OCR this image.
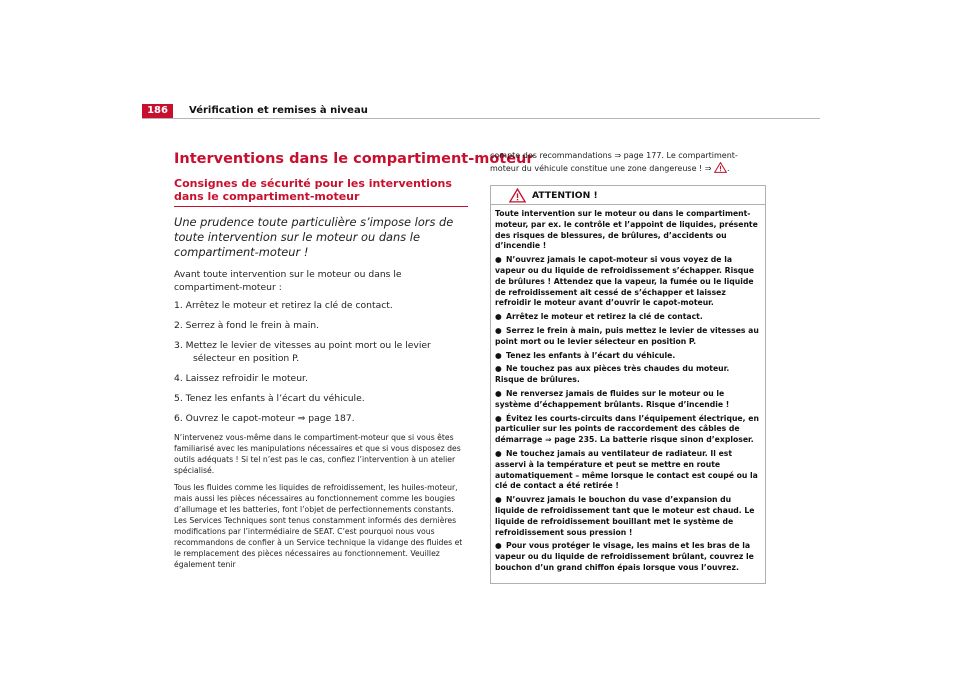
186	Vérification et remises à niveau
Interventions dans le compartiment-moteur
Consignes de sécurité pour les interventions dans le compartiment-moteur

Une prudence toute particulière s’impose lors de toute intervention sur le moteur ou dans le compartiment-moteur !

Avant toute intervention sur le moteur ou dans le compartiment-moteur :

1. Arrêtez le moteur et retirez la clé de contact.
2. Serrez à fond le frein à main.
3. Mettez le levier de vitesses au point mort ou le levier sélecteur en position P.
4. Laissez refroidir le moteur.
5. Tenez les enfants à l’écart du véhicule.
6. Ouvrez le capot-moteur ⇒ page 187.

N’intervenez vous-même dans le compartiment-moteur que si vous êtes familiarisé avec les manipulations nécessaires et que si vous disposez des outils adéquats ! Si tel n’est pas le cas, confiez l’intervention à un atelier spécialisé.

Tous les fluides comme les liquides de refroidissement, les huiles-moteur, mais aussi les pièces nécessaires au fonctionnement comme les bougies d’allumage et les batteries, font l’objet de perfectionnements constants. Les Services Techniques sont tenus constamment informés des dernières modifications par l’intermédiaire de SEAT. C’est pourquoi nous vous recommandons de confier à un Service technique la vidange des fluides et le remplacement des pièces nécessaires au fonctionnement. Veuillez également tenir

compte des recommandations ⇒ page 177. Le compartiment-moteur du véhicule constitue une zone dangereuse ! ⇒ .

ATTENTION !

Toute intervention sur le moteur ou dans le compartiment-moteur, par ex. le contrôle et l’appoint de liquides, présente des risques de blessures, de brûlures, d’accidents ou d’incendie !

● N’ouvrez jamais le capot-moteur si vous voyez de la vapeur ou du liquide de refroidissement s’échapper. Risque de brûlures ! Attendez que la vapeur, la fumée ou le liquide de refroidissement ait cessé de s’échapper et laissez refroidir le moteur avant d’ouvrir le capot-moteur.
● Arrêtez le moteur et retirez la clé de contact.
● Serrez le frein à main, puis mettez le levier de vitesses au point mort ou le levier sélecteur en position P.
● Tenez les enfants à l’écart du véhicule.
● Ne touchez pas aux pièces très chaudes du moteur. Risque de brûlures.
● Ne renversez jamais de fluides sur le moteur ou le système d’échappement brûlants. Risque d’incendie !
● Évitez les courts-circuits dans l’équipement électrique, en particulier sur les points de raccordement des câbles de démarrage ⇒ page 235. La batterie risque sinon d’exploser.
● Ne touchez jamais au ventilateur de radiateur. Il est asservi à la température et peut se mettre en route automatiquement – même lorsque le contact est coupé ou la clé de contact a été retirée !
● N’ouvrez jamais le bouchon du vase d’expansion du liquide de refroidissement tant que le moteur est chaud. Le liquide de refroidissement bouillant met le système de refroidissement sous pression !
● Pour vous protéger le visage, les mains et les bras de la vapeur ou du liquide de refroidissement brûlant, couvrez le bouchon d’un grand chiffon épais lorsque vous l’ouvrez.
